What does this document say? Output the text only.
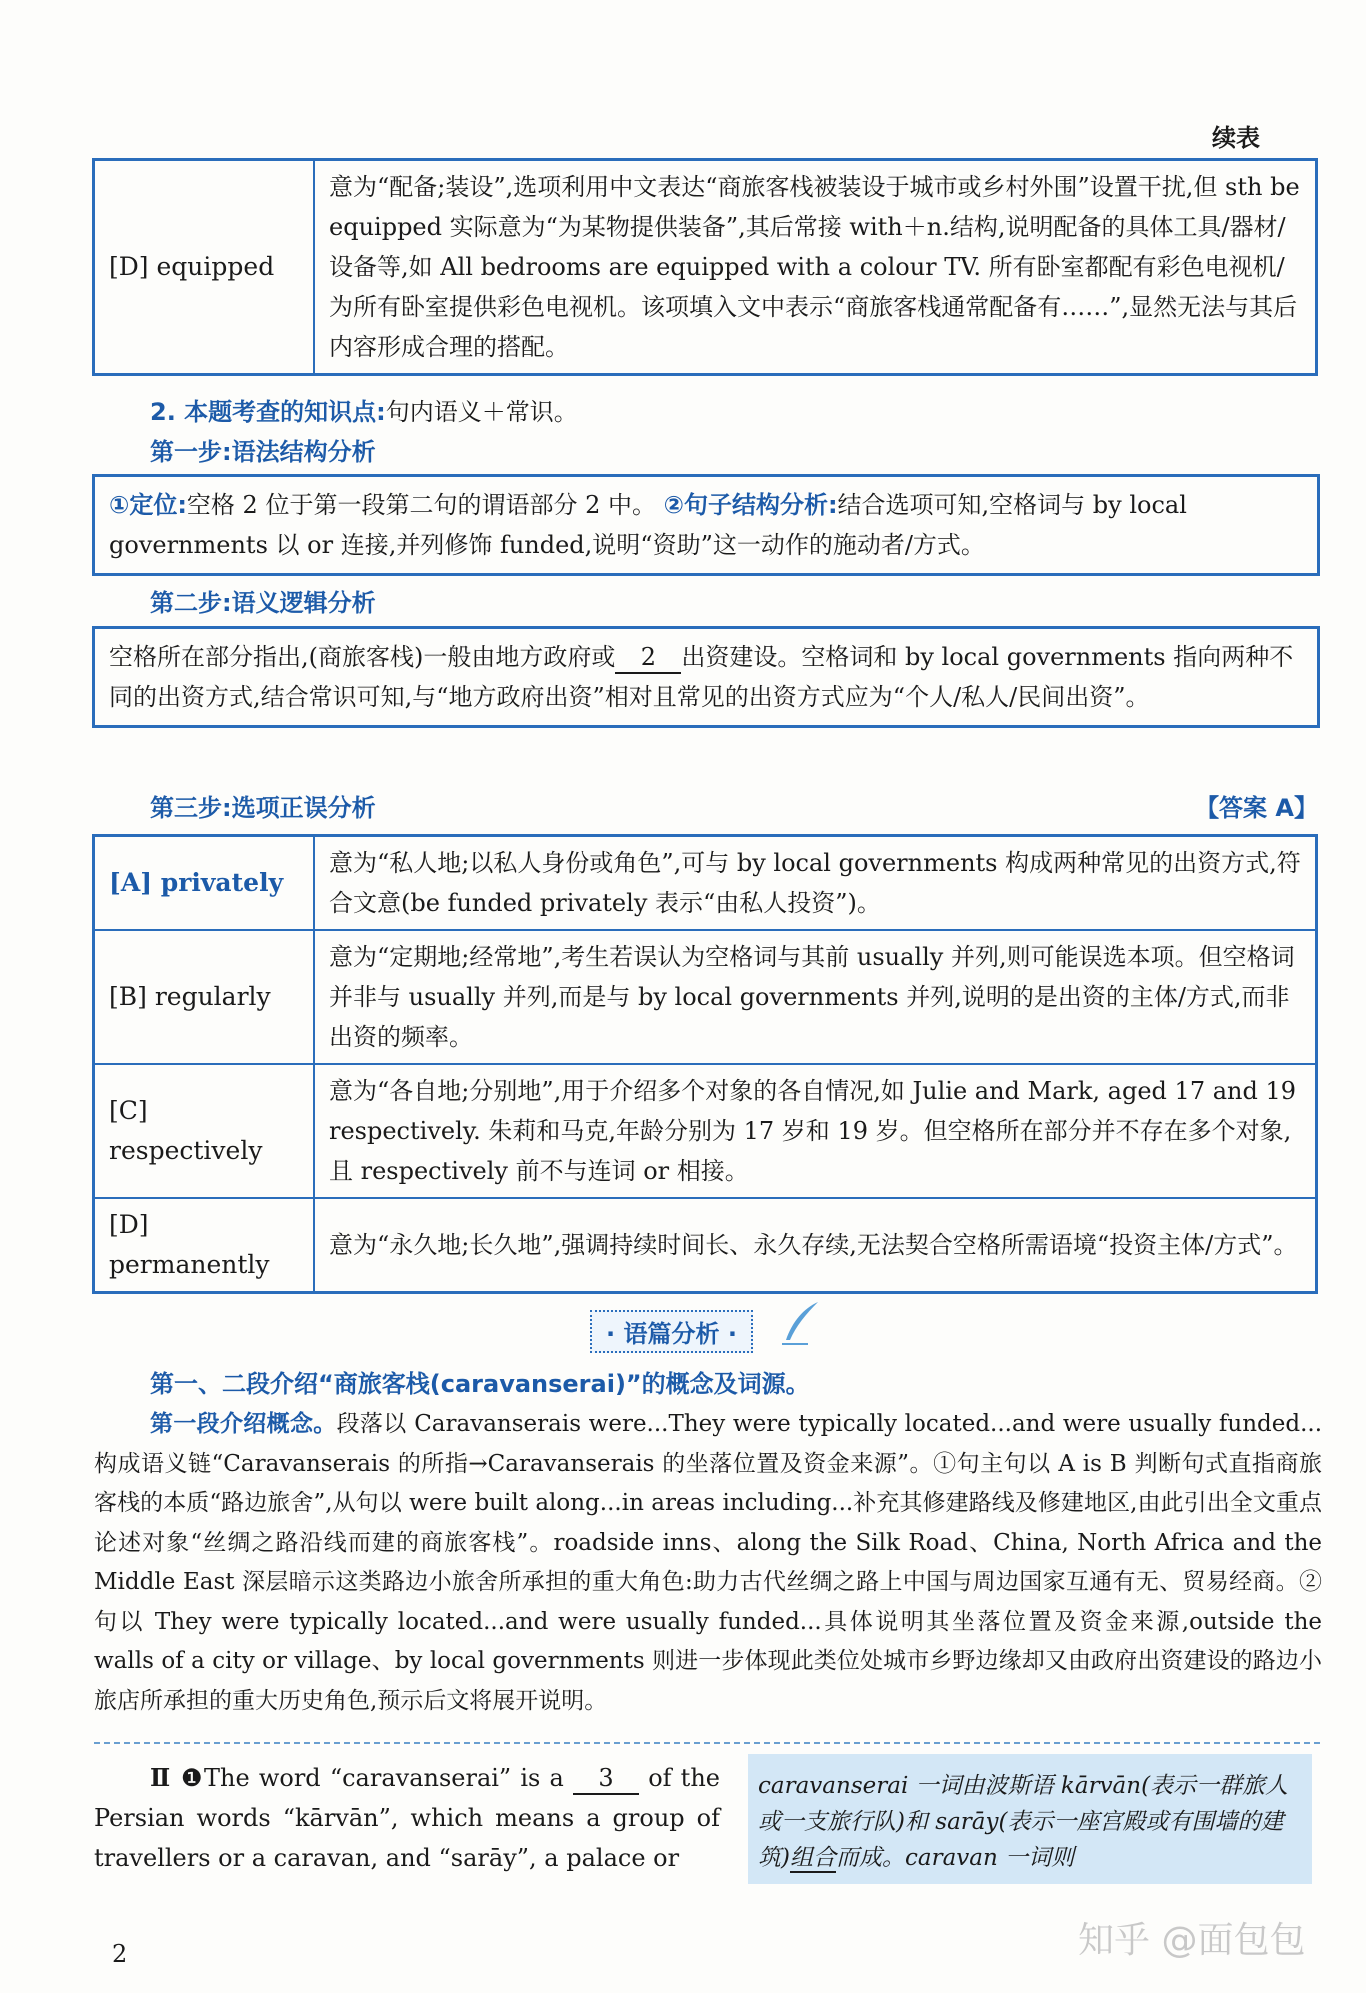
续表
[D] equipped	意为“配备;装设”,选项利用中文表达“商旅客栈被装设于城市或乡村外围”设置干扰,但 sth be equipped 实际意为“为某物提供装备”,其后常接 with＋n.结构,说明配备的具体工具/器材/设备等,如 All bedrooms are equipped with a colour TV. 所有卧室都配有彩色电视机/为所有卧室提供彩色电视机。该项填入文中表示“商旅客栈通常配备有……”,显然无法与其后内容形成合理的搭配。
2. 本题考查的知识点:句内语义＋常识。
第一步:语法结构分析
①定位:空格 2 位于第一段第二句的谓语部分 2 中。 ②句子结构分析:结合选项可知,空格词与 by local governments 以 or 连接,并列修饰 funded,说明“资助”这一动作的施动者/方式。
第二步:语义逻辑分析
空格所在部分指出,(商旅客栈)一般由地方政府或 2 出资建设。空格词和 by local governments 指向两种不同的出资方式,结合常识可知,与“地方政府出资”相对且常见的出资方式应为“个人/私人/民间出资”。
第三步:选项正误分析	【答案 A】
[A] privately	意为“私人地;以私人身份或角色”,可与 by local governments 构成两种常见的出资方式,符合文意(be funded privately 表示“由私人投资”)。
[B] regularly	意为“定期地;经常地”,考生若误认为空格词与其前 usually 并列,则可能误选本项。但空格词并非与 usually 并列,而是与 by local governments 并列,说明的是出资的主体/方式,而非出资的频率。
[C] respectively	意为“各自地;分别地”,用于介绍多个对象的各自情况,如 Julie and Mark, aged 17 and 19 respectively. 朱莉和马克,年龄分别为 17 岁和 19 岁。但空格所在部分并不存在多个对象,且 respectively 前不与连词 or 相接。
[D] permanently	意为“永久地;长久地”,强调持续时间长、永久存续,无法契合空格所需语境“投资主体/方式”。
· 语篇分析 ·
第一、二段介绍“商旅客栈(caravanserai)”的概念及词源。
第一段介绍概念。段落以 Caravanserais were...They were typically located...and were usually funded...构成语义链“Caravanserais 的所指→Caravanserais 的坐落位置及资金来源”。①句主句以 A is B 判断句式直指商旅客栈的本质“路边旅舍”,从句以 were built along...in areas including...补充其修建路线及修建地区,由此引出全文重点论述对象“丝绸之路沿线而建的商旅客栈”。roadside inns、along the Silk Road、China, North Africa and the Middle East 深层暗示这类路边小旅舍所承担的重大角色:助力古代丝绸之路上中国与周边国家互通有无、贸易经商。②句以 They were typically located...and were usually funded...具体说明其坐落位置及资金来源,outside the walls of a city or village、by local governments 则进一步体现此类位处城市乡野边缘却又由政府出资建设的路边小旅店所承担的重大历史角色,预示后文将展开说明。
Ⅱ ❶The word “caravanserai” is a 3 of the Persian words “kārvān”, which means a group of travellers or a caravan, and “sarāy”, a palace or
caravanserai 一词由波斯语 kārvān(表示一群旅人或一支旅行队)和 sarāy(表示一座宫殿或有围墙的建筑)组合而成。caravan 一词则
2	知乎 @面包包
